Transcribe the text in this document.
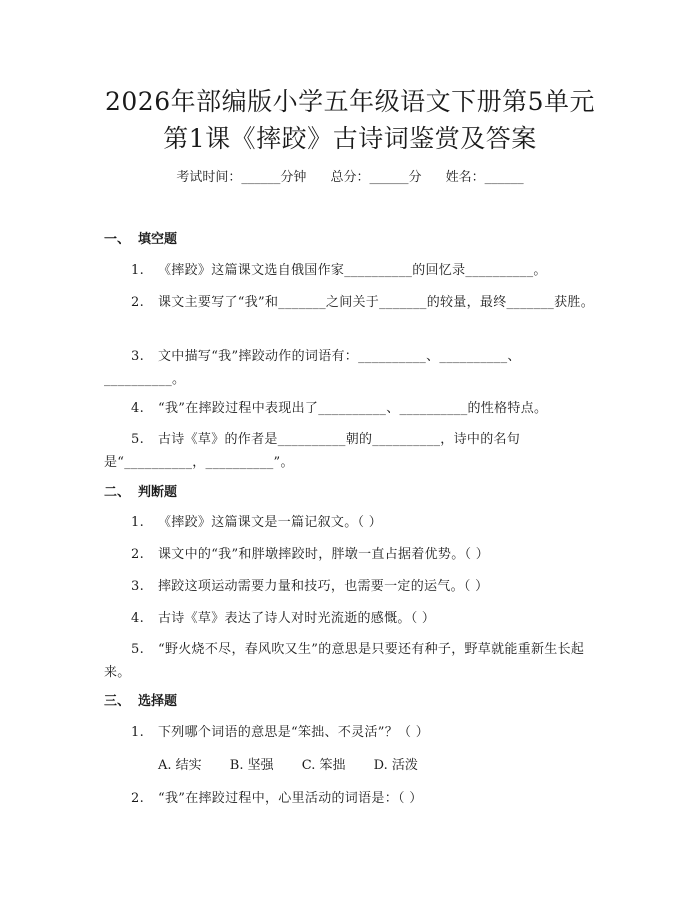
2026年部编版小学五年级语文下册第5单元
第1课《摔跤》古诗词鉴赏及答案
考试时间：______分钟 总分：______分 姓名：______
一、 填空题
1. 《摔跤》这篇课文选自俄国作家__________的回忆录__________。
2. 课文主要写了“我”和_______之间关于_______的较量，最终_______获胜。
3. 文中描写“我”摔跤动作的词语有：__________、__________、__________。
4. “我”在摔跤过程中表现出了__________、__________的性格特点。
5. 古诗《草》的作者是__________朝的__________，诗中的名句是“__________，__________”。
二、 判断题
1. 《摔跤》这篇课文是一篇记叙文。（ ）
2. 课文中的“我”和胖墩摔跤时，胖墩一直占据着优势。（ ）
3. 摔跤这项运动需要力量和技巧，也需要一定的运气。（ ）
4. 古诗《草》表达了诗人对时光流逝的感慨。（ ）
5. “野火烧不尽，春风吹又生”的意思是只要还有种子，野草就能重新生长起来。
三、 选择题
1. 下列哪个词语的意思是“笨拙、不灵活”？（ ）
A. 结实 B. 坚强 C. 笨拙 D. 活泼
2. “我”在摔跤过程中，心里活动的词语是：（ ）
